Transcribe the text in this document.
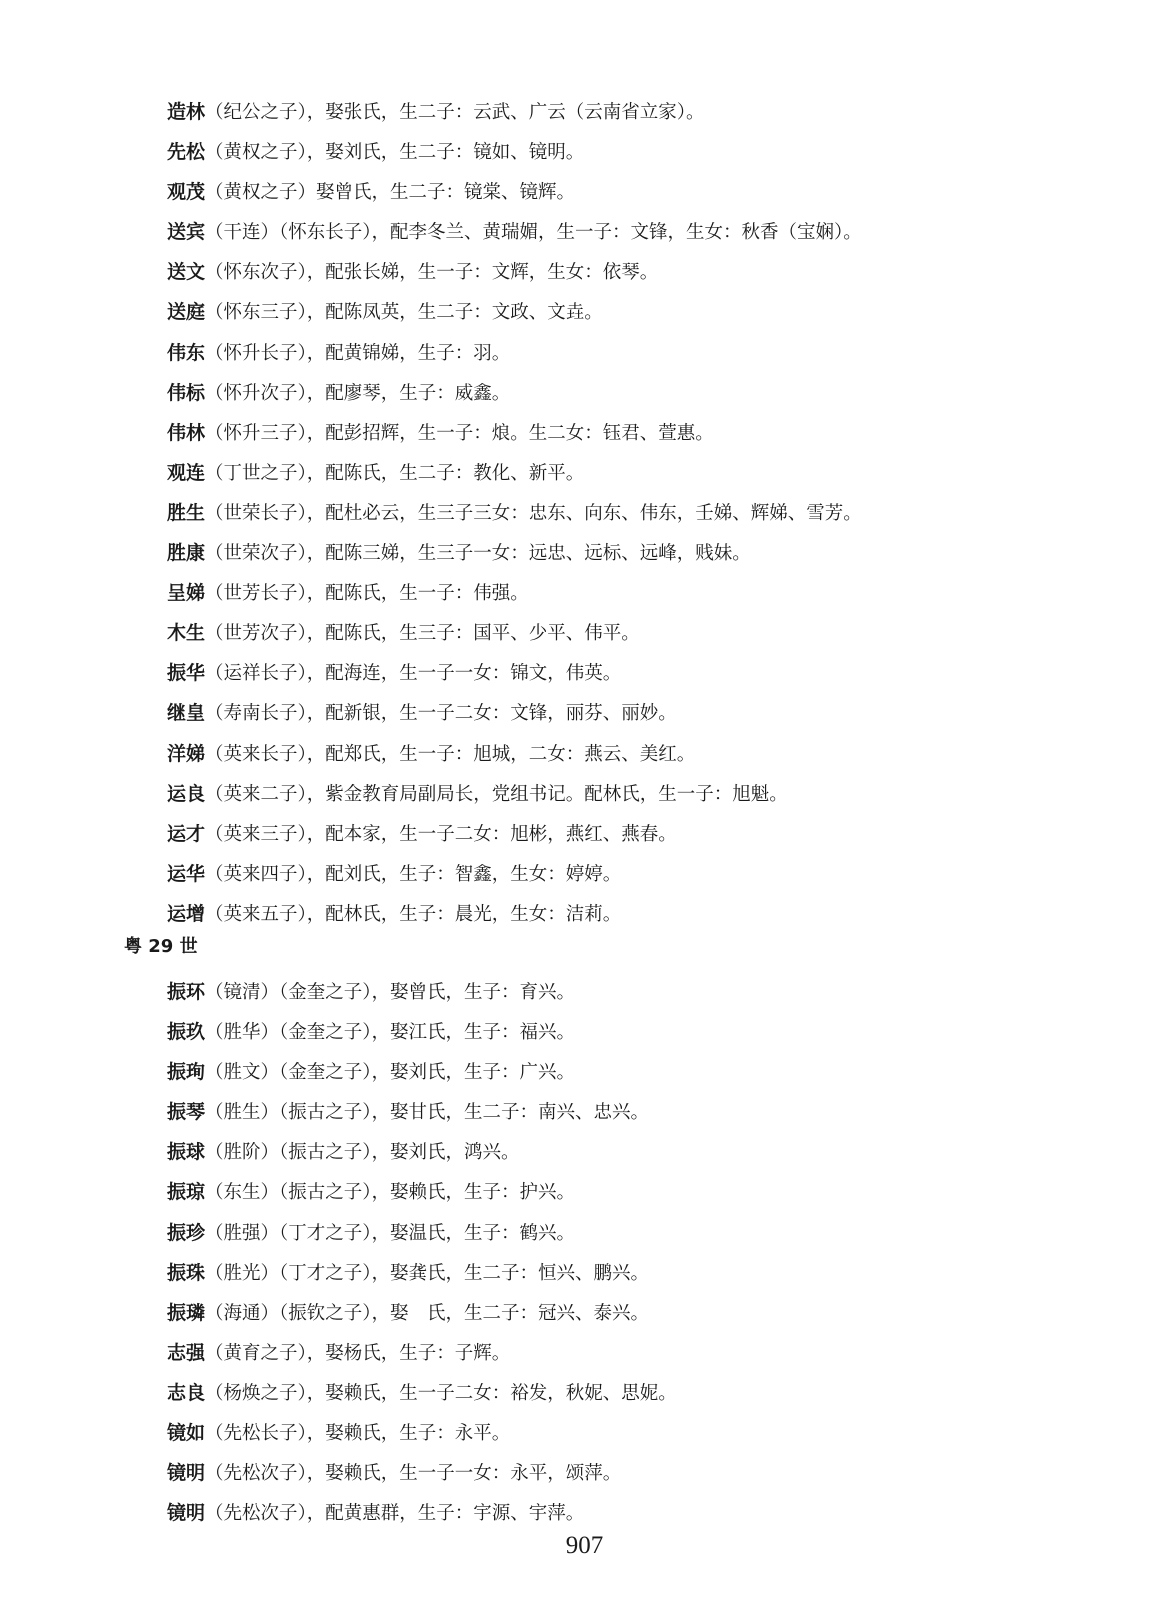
造林（纪公之子），娶张氏，生二子：云武、广云（云南省立家）。
先松（黄权之子），娶刘氏，生二子：镜如、镜明。
观茂（黄权之子）娶曾氏，生二子：镜棠、镜辉。
送宾（干连）（怀东长子），配李冬兰、黄瑞媚，生一子：文锋，生女：秋香（宝娴）。
送文（怀东次子），配张长娣，生一子：文辉，生女：依琴。
送庭（怀东三子），配陈凤英，生二子：文政、文垚。
伟东（怀升长子），配黄锦娣，生子：羽。
伟标（怀升次子），配廖琴，生子：威鑫。
伟林（怀升三子），配彭招辉，生一子：烺。生二女：钰君、萱惠。
观连（丁世之子），配陈氏，生二子：教化、新平。
胜生（世荣长子），配杜必云，生三子三女：忠东、向东、伟东，壬娣、辉娣、雪芳。
胜康（世荣次子），配陈三娣，生三子一女：远忠、远标、远峰，贱妹。
呈娣（世芳长子），配陈氏，生一子：伟强。
木生（世芳次子），配陈氏，生三子：国平、少平、伟平。
振华（运祥长子），配海连，生一子一女：锦文，伟英。
继皇（寿南长子），配新银，生一子二女：文锋，丽芬、丽妙。
洋娣（英来长子），配郑氏，生一子：旭城，二女：燕云、美红。
运良（英来二子），紫金教育局副局长，党组书记。配林氏，生一子：旭魁。
运才（英来三子），配本家，生一子二女：旭彬，燕红、燕春。
运华（英来四子），配刘氏，生子：智鑫，生女：婷婷。
运增（英来五子），配林氏，生子：晨光，生女：洁莉。
粤 29 世
振环（镜清）（金奎之子），娶曾氏，生子：育兴。
振玖（胜华）（金奎之子），娶江氏，生子：福兴。
振珣（胜文）（金奎之子），娶刘氏，生子：广兴。
振琴（胜生）（振古之子），娶甘氏，生二子：南兴、忠兴。
振球（胜阶）（振古之子），娶刘氏，鸿兴。
振琼（东生）（振古之子），娶赖氏，生子：护兴。
振珍（胜强）（丁才之子），娶温氏，生子：鹤兴。
振珠（胜光）（丁才之子），娶龚氏，生二子：恒兴、鹏兴。
振璘（海通）（振钦之子），娶　氏，生二子：冠兴、泰兴。
志强（黄育之子），娶杨氏，生子：子辉。
志良（杨焕之子），娶赖氏，生一子二女：裕发，秋妮、思妮。
镜如（先松长子），娶赖氏，生子：永平。
镜明（先松次子），娶赖氏，生一子一女：永平，颂萍。
镜明（先松次子），配黄惠群，生子：宇源、宇萍。
907
